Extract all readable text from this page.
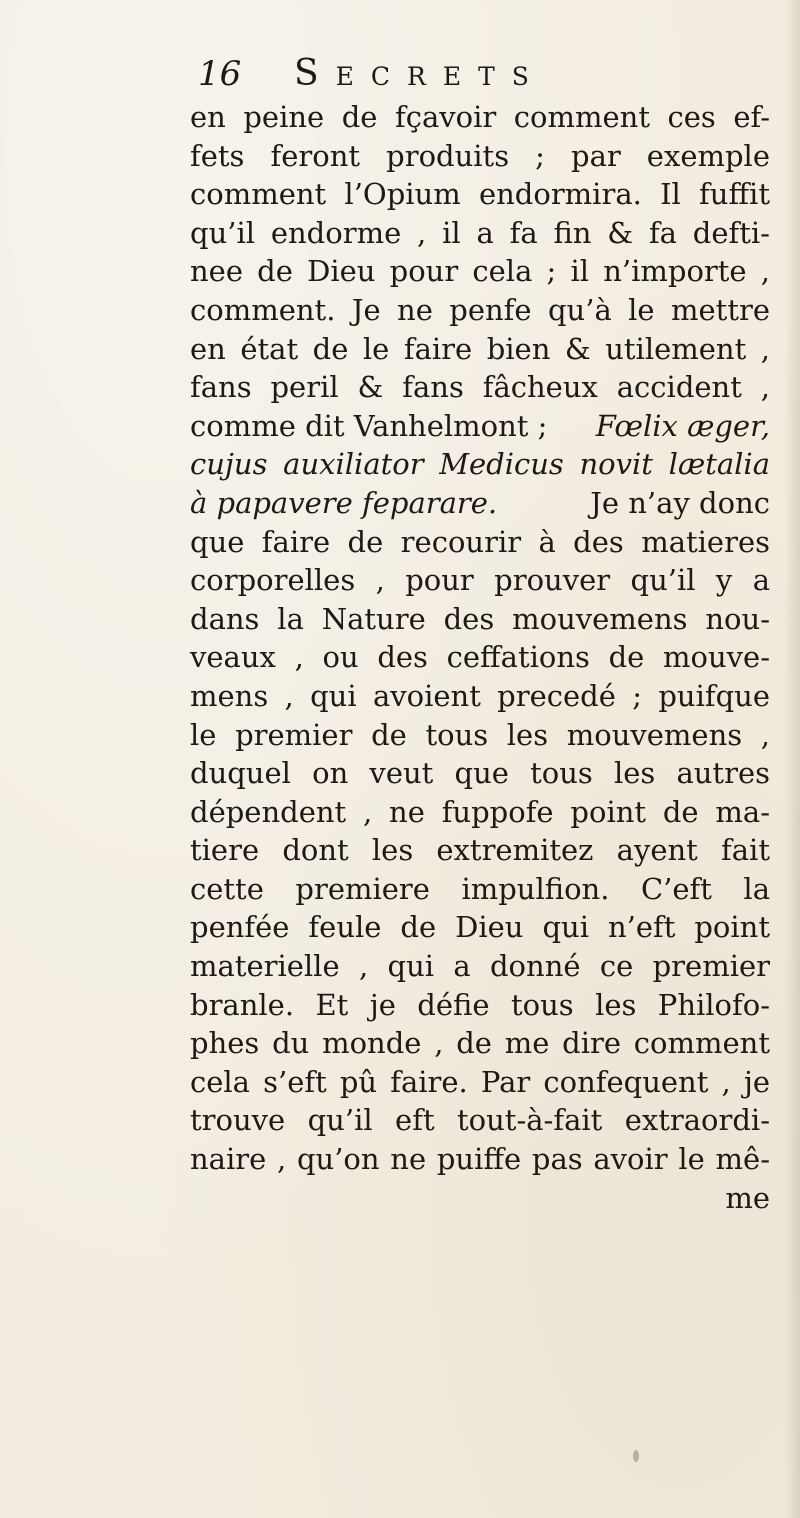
16 Secrets
en peine de fçavoir comment ces ef-
fets feront produits ; par exemple
comment l’Opium endormira. Il fuffit
qu’il endorme , il a fa fin & fa defti-
nee de Dieu pour cela ; il n’importe ,
comment. Je ne penfe qu’à le mettre
en état de le faire bien & utilement ,
fans peril & fans fâcheux accident ,
comme dit Vanhelmont ; Fœlix æger,
cujus auxiliator Medicus novit lætalia
à papavere feparare.	Je n’ay donc
que faire de recourir à des matieres
corporelles , pour prouver qu’il y a
dans la Nature des mouvemens nou-
veaux , ou des ceffations de mouve-
mens , qui avoient precedé ; puifque
le premier de tous les mouvemens ,
duquel on veut que tous les autres
dépendent , ne fuppofe point de ma-
tiere dont les extremitez ayent fait
cette premiere impulfion. C’eft la
penfée feule de Dieu qui n’eft point
materielle , qui a donné ce premier
branle. Et je défie tous les Philofo-
phes du monde , de me dire comment
cela s’eft pû faire. Par confequent , je
trouve qu’il eft tout-à-fait extraordi-
naire , qu’on ne puiffe pas avoir le mê-
me
